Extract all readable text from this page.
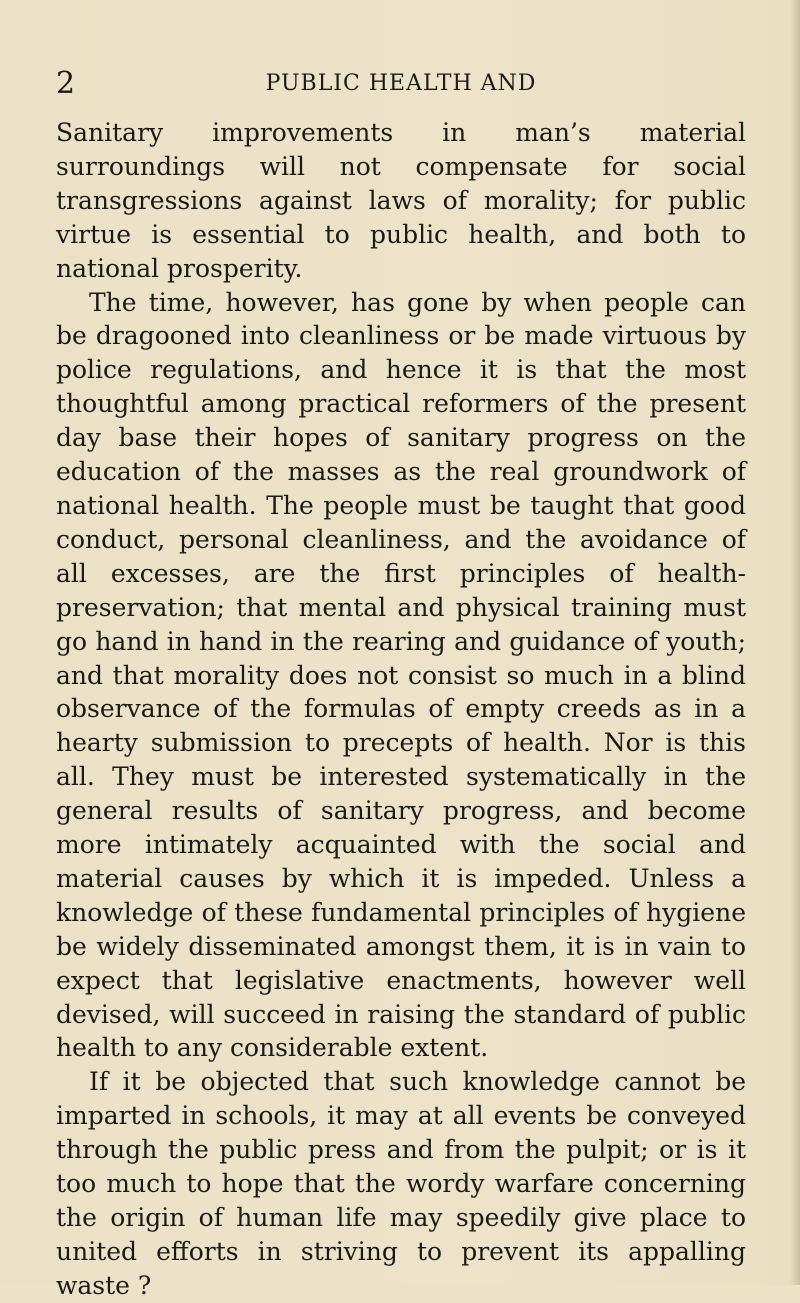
2	PUBLIC HEALTH AND

Sanitary improvements in man’s material surroundings will not compensate for social transgressions against laws of morality; for public virtue is essential to public health, and both to national prosperity.

The time, however, has gone by when people can be dragooned into cleanliness or be made virtuous by police regulations, and hence it is that the most thoughtful among practical reformers of the present day base their hopes of sanitary progress on the education of the masses as the real groundwork of national health. The people must be taught that good conduct, personal cleanliness, and the avoidance of all excesses, are the first principles of health-preservation; that mental and physical training must go hand in hand in the rearing and guidance of youth; and that morality does not consist so much in a blind observance of the formulas of empty creeds as in a hearty submission to precepts of health. Nor is this all. They must be interested systematically in the general results of sanitary progress, and become more intimately acquainted with the social and material causes by which it is impeded. Unless a knowledge of these fundamental principles of hygiene be widely disseminated amongst them, it is in vain to expect that legislative enactments, however well devised, will succeed in raising the standard of public health to any considerable extent.

If it be objected that such knowledge cannot be imparted in schools, it may at all events be conveyed through the public press and from the pulpit; or is it too much to hope that the wordy warfare concerning the origin of human life may speedily give place to united efforts in striving to prevent its appalling waste ?
